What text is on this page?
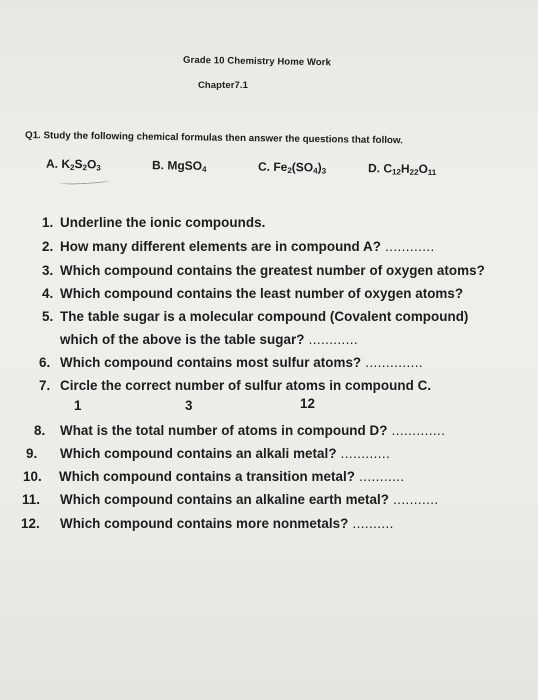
Grade 10 Chemistry Home Work
Chapter7.1
Q1. Study the following chemical formulas then answer the questions that follow.
A. $K_2S_2O_3$	B. MgSO$_4$	C. $Fe_2(SO_4)_3$	D. $C_{12}H_{22}O_{11}$
1. Underline the ionic compounds.
2. How many different elements are in compound A? ............
3. Which compound contains the greatest number of oxygen atoms?
4. Which compound contains the least number of oxygen atoms?
5. The table sugar is a molecular compound (Covalent compound)
which of the above is the table sugar? ............
6. Which compound contains most sulfur atoms? ..............
7. Circle the correct number of sulfur atoms in compound C.
8. What is the total number of atoms in compound D? .............
9. Which compound contains an alkali metal? ............
10. Which compound contains a transition metal? ...........
11. Which compound contains an alkaline earth metal? ...........
12. Which compound contains more nonmetals? ..........
1	3	12
